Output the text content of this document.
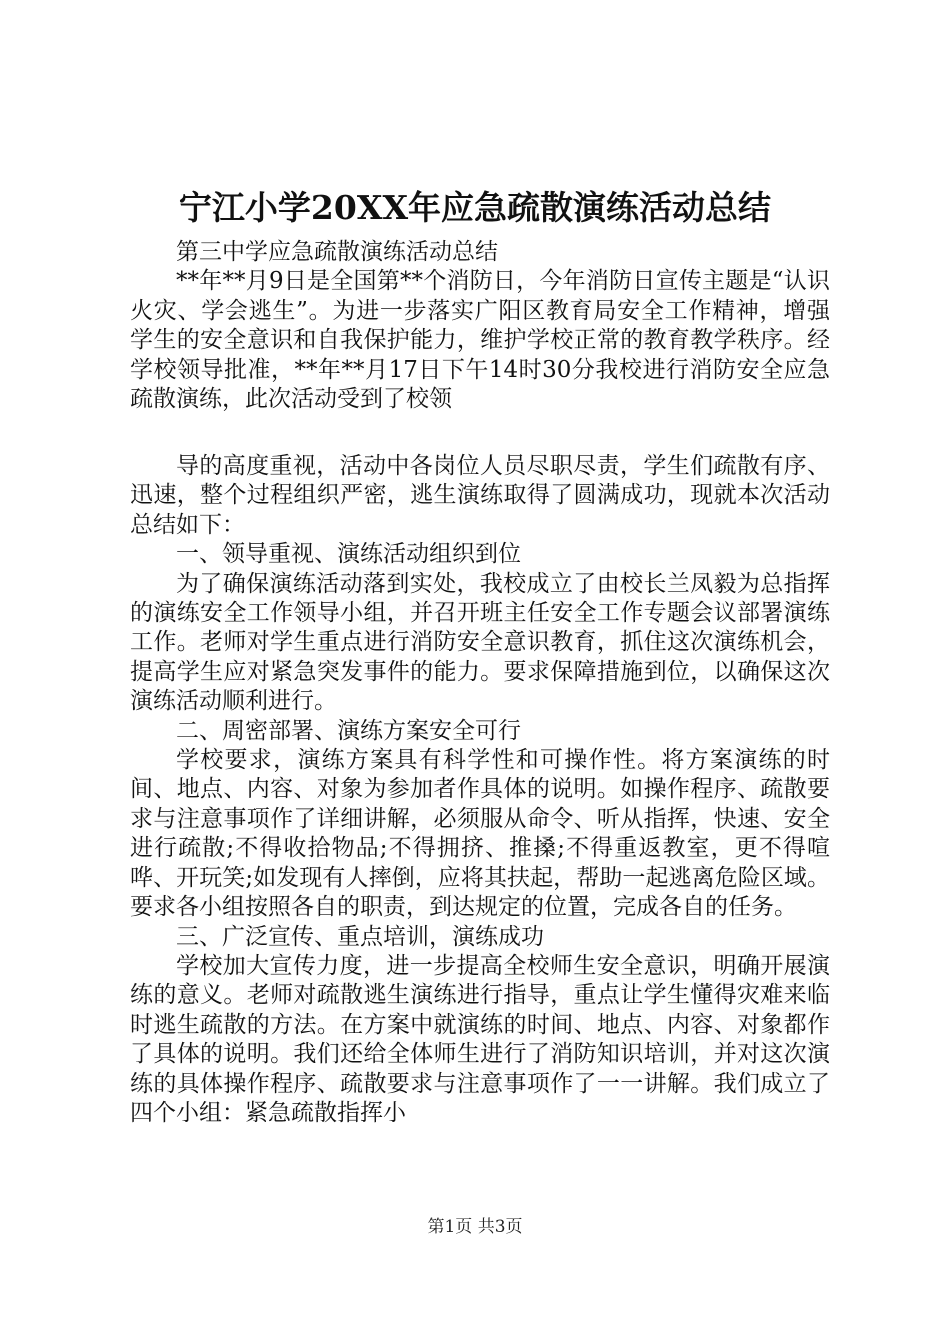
宁江小学20XX年应急疏散演练活动总结

第三中学应急疏散演练活动总结

**年**月9日是全国第**个消防日，今年消防日宣传主题是“认识火灾、学会逃生”。为进一步落实广阳区教育局安全工作精神，增强学生的安全意识和自我保护能力，维护学校正常的教育教学秩序。经学校领导批准，**年**月17日下午14时30分我校进行消防安全应急疏散演练，此次活动受到了校领

导的高度重视，活动中各岗位人员尽职尽责，学生们疏散有序、迅速，整个过程组织严密，逃生演练取得了圆满成功，现就本次活动总结如下：

一、领导重视、演练活动组织到位

为了确保演练活动落到实处，我校成立了由校长兰凤毅为总指挥的演练安全工作领导小组，并召开班主任安全工作专题会议部署演练工作。老师对学生重点进行消防安全意识教育，抓住这次演练机会，提高学生应对紧急突发事件的能力。要求保障措施到位，以确保这次演练活动顺利进行。

二、周密部署、演练方案安全可行

学校要求，演练方案具有科学性和可操作性。将方案演练的时间、地点、内容、对象为参加者作具体的说明。如操作程序、疏散要求与注意事项作了详细讲解，必须服从命令、听从指挥，快速、安全进行疏散;不得收拾物品;不得拥挤、推搡;不得重返教室，更不得喧哗、开玩笑;如发现有人摔倒，应将其扶起，帮助一起逃离危险区域。要求各小组按照各自的职责，到达规定的位置，完成各自的任务。

三、广泛宣传、重点培训，演练成功

学校加大宣传力度，进一步提高全校师生安全意识，明确开展演练的意义。老师对疏散逃生演练进行指导，重点让学生懂得灾难来临时逃生疏散的方法。在方案中就演练的时间、地点、内容、对象都作了具体的说明。我们还给全体师生进行了消防知识培训，并对这次演练的具体操作程序、疏散要求与注意事项作了一一讲解。我们成立了四个小组：紧急疏散指挥小

第1页 共3页
